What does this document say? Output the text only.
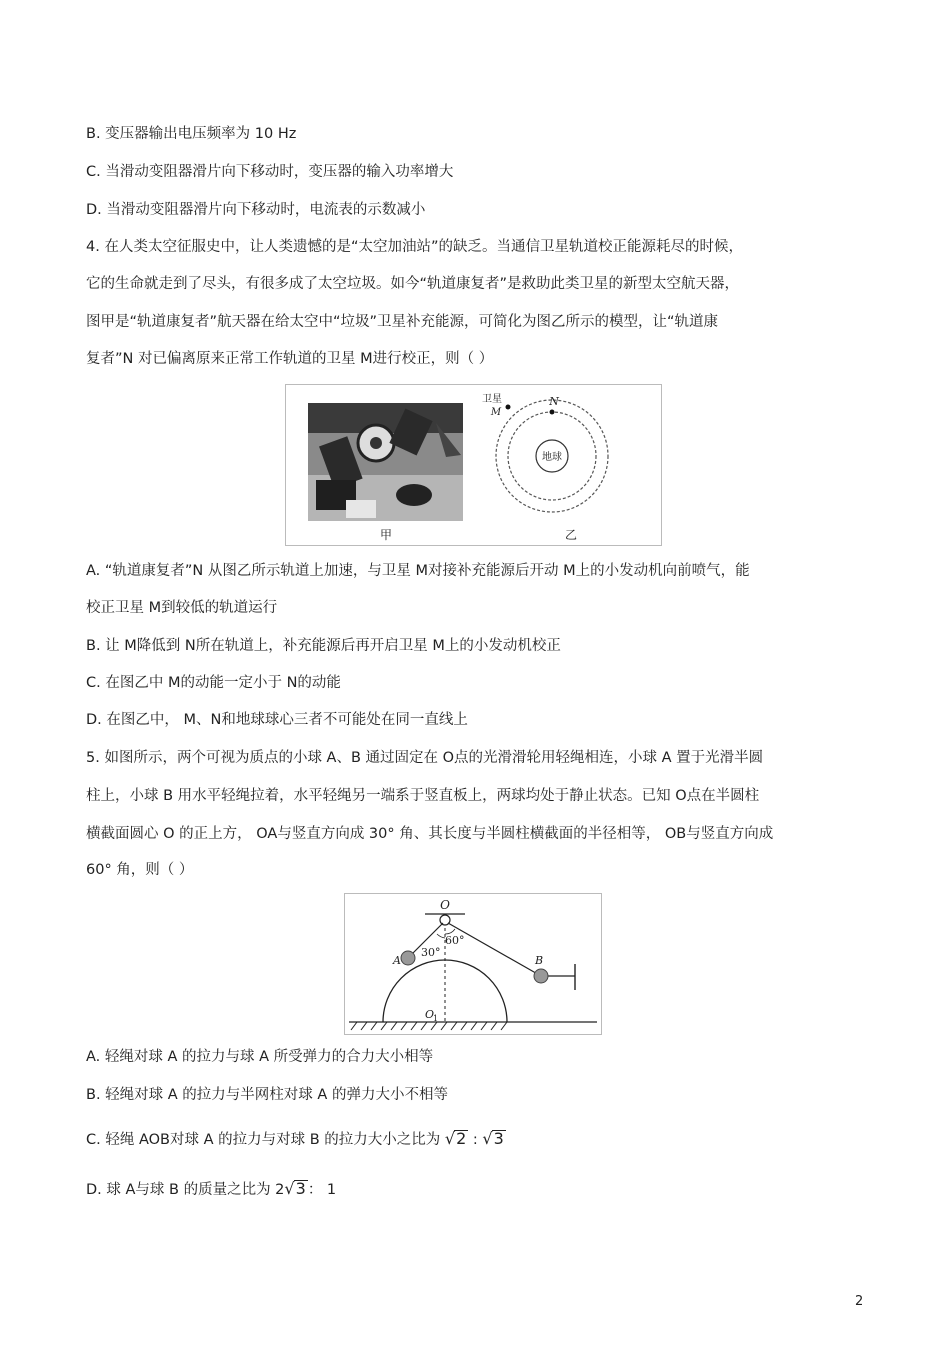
B. 变压器输出电压频率为 10 Hz
C. 当滑动变阻器滑片向下移动时，变压器的输入功率增大
D. 当滑动变阻器滑片向下移动时，电流表的示数减小
4. 在人类太空征服史中，让人类遗憾的是“太空加油站”的缺乏。当通信卫星轨道校正能源耗尽的时候，
它的生命就走到了尽头，有很多成了太空垃圾。如今“轨道康复者”是救助此类卫星的新型太空航天器，
图甲是“轨道康复者”航天器在给太空中“垃圾”卫星补充能源，可简化为图乙所示的模型，让“轨道康
复者”N 对已偏离原来正常工作轨道的卫星 M进行校正，则（ ）
甲
地球
N
卫星
M
乙
A. “轨道康复者”N 从图乙所示轨道上加速，与卫星 M对接补充能源后开动 M上的小发动机向前喷气，能
校正卫星 M到较低的轨道运行
B. 让 M降低到 N所在轨道上，补充能源后再开启卫星 M上的小发动机校正
C. 在图乙中 M的动能一定小于 N的动能
D. 在图乙中， M、N和地球球心三者不可能处在同一直线上
5. 如图所示，两个可视为质点的小球 A、B 通过固定在 O点的光滑滑轮用轻绳相连，小球 A 置于光滑半圆
柱上，小球 B 用水平轻绳拉着，水平轻绳另一端系于竖直板上，两球均处于静止状态。已知 O点在半圆柱
横截面圆心 O 的正上方， OA与竖直方向成 30° 角、其长度与半圆柱横截面的半径相等， OB与竖直方向成
60° 角，则（ ）
O
A	B
30°
60°
O
1
A. 轻绳对球 A 的拉力与球 A 所受弹力的合力大小相等
B. 轻绳对球 A 的拉力与半网柱对球 A 的弹力大小不相等
C. 轻绳 AOB对球 A 的拉力与对球 B 的拉力大小之比为 √2 : √3
D. 球 A与球 B 的质量之比为 2√3 ： 1
2
